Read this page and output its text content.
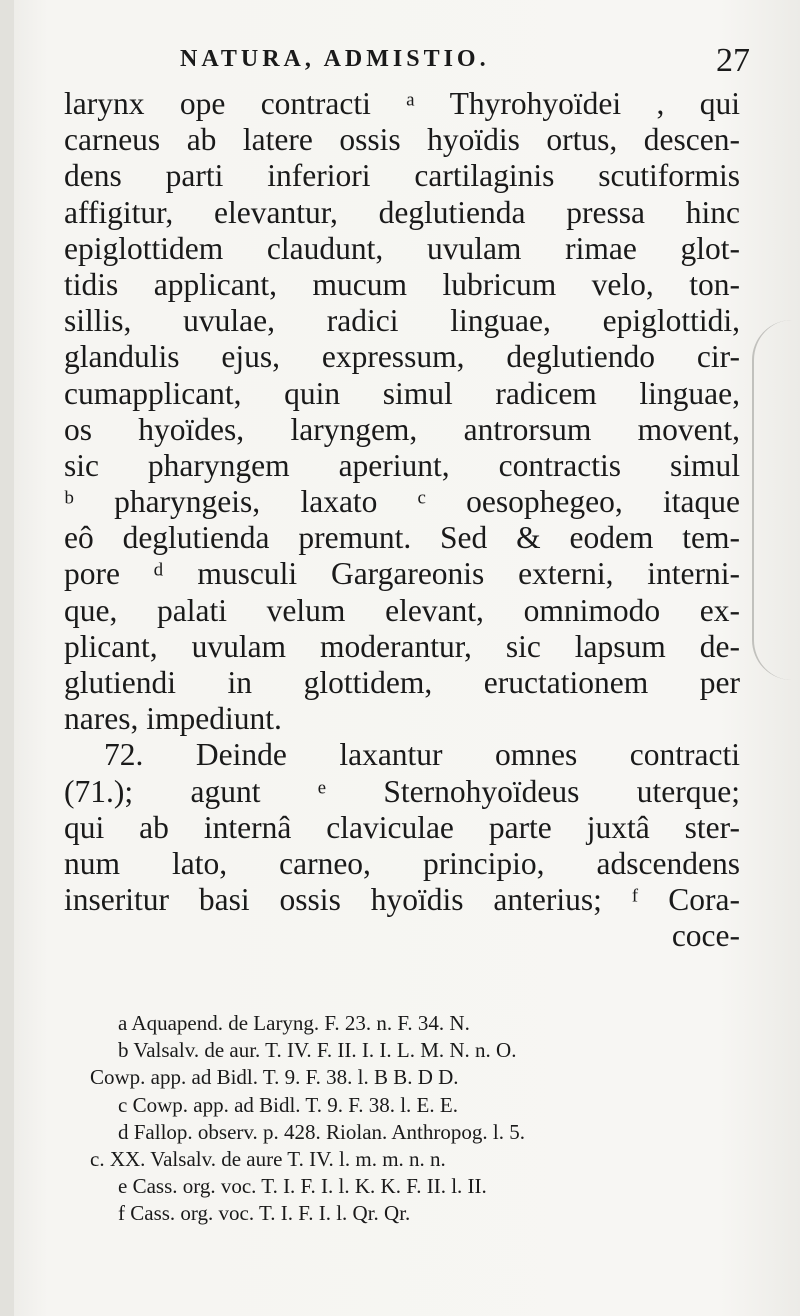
NATURA, ADMISTIO.	27
larynx ope contracti ᵃ Thyrohyoïdei , qui
carneus ab latere ossis hyoïdis ortus, descen-
dens parti inferiori cartilaginis scutiformis
affigitur, elevantur, deglutienda pressa hinc
epiglottidem claudunt, uvulam rimae glot-
tidis applicant, mucum lubricum velo, ton-
sillis, uvulae, radici linguae, epiglottidi,
glandulis ejus, expressum, deglutiendo cir-
cumapplicant, quin simul radicem linguae,
os hyoïdes, laryngem, antrorsum movent,
sic pharyngem aperiunt, contractis simul
ᵇ pharyngeis, laxato ᶜ oesophegeo, itaque
eô deglutienda premunt. Sed & eodem tem-
pore ᵈ musculi Gargareonis externi, interni-
que, palati velum elevant, omnimodo ex-
plicant, uvulam moderantur, sic lapsum de-
glutiendi in glottidem, eructationem per
nares, impediunt.
72. Deinde laxantur omnes contracti
(71.); agunt ᵉ Sternohyoïdeus uterque;
qui ab internâ claviculae parte juxtâ ster-
num lato, carneo, principio, adscendens
inseritur basi ossis hyoïdis anterius; ᶠ Cora-
coce-
a Aquapend. de Laryng. F. 23. n. F. 34. N.
b Valsalv. de aur. T. IV. F. II. I. I. L. M. N. n. O.
Cowp. app. ad Bidl. T. 9. F. 38. l. B B. D D.
c Cowp. app. ad Bidl. T. 9. F. 38. l. E. E.
d Fallop. observ. p. 428. Riolan. Anthropog. l. 5.
c. XX. Valsalv. de aure T. IV. l. m. m. n. n.
e Cass. org. voc. T. I. F. I. l. K. K. F. II. l. II.
f Cass. org. voc. T. I. F. I. l. Qr. Qr.
